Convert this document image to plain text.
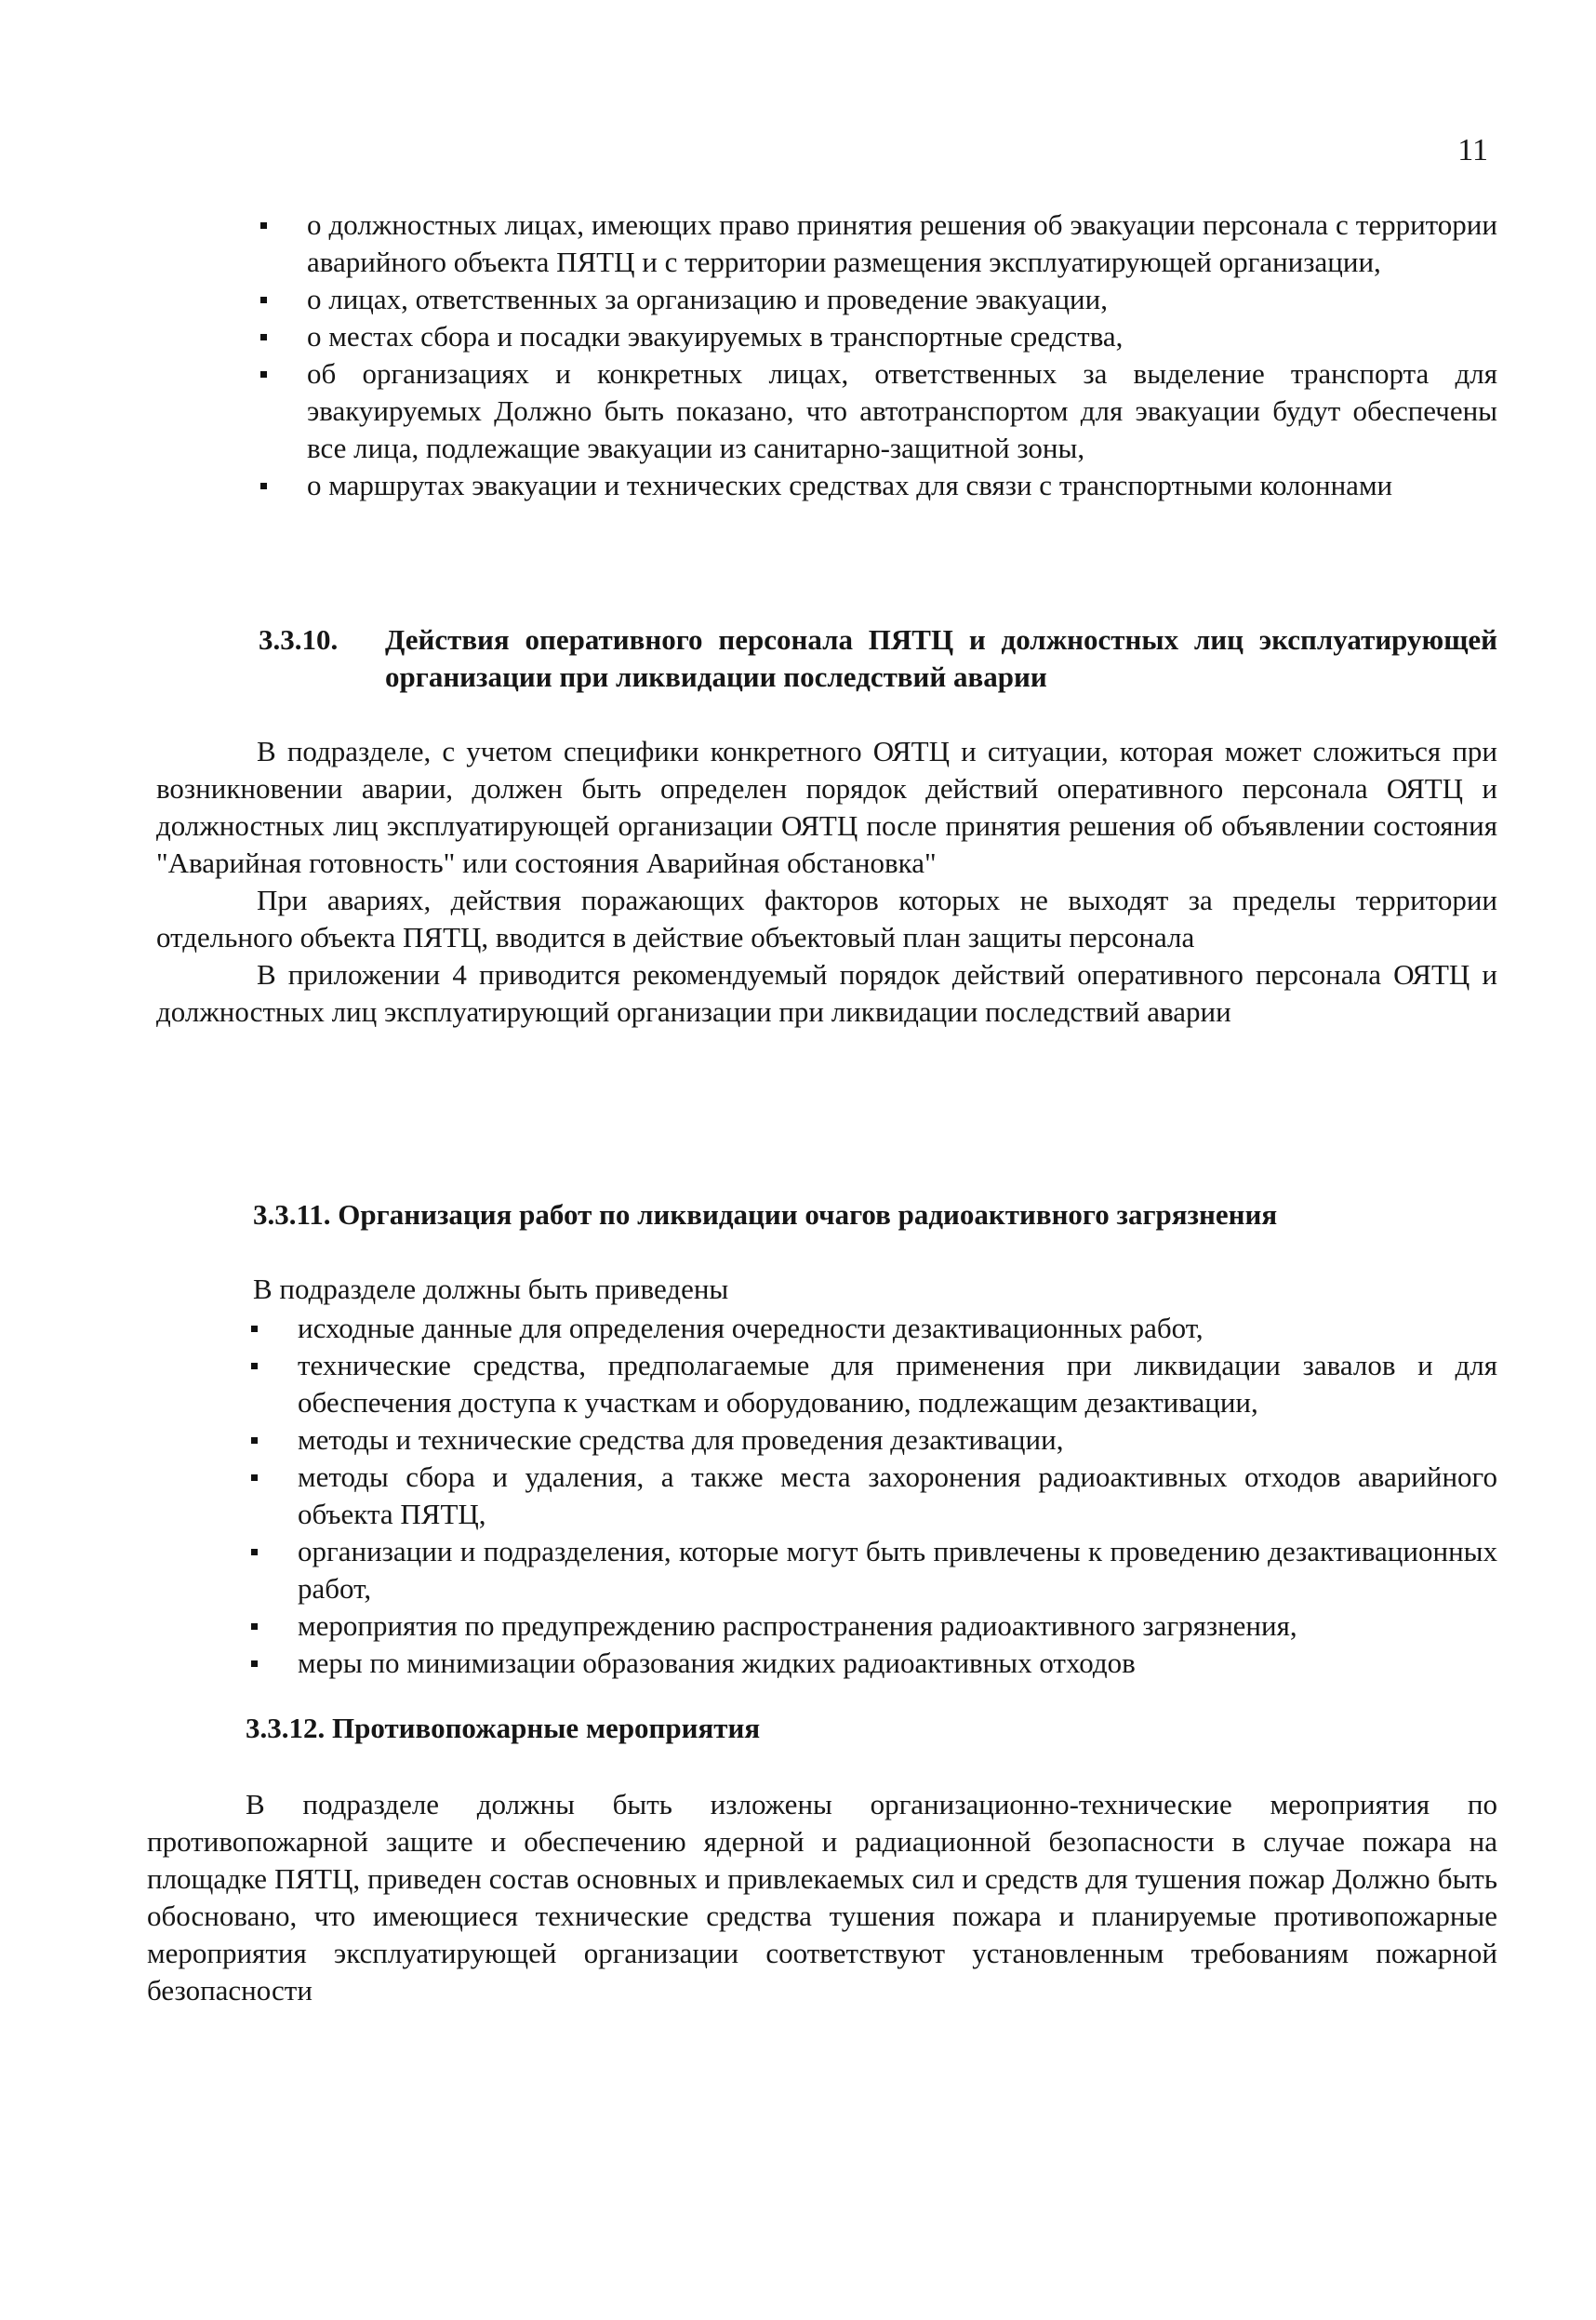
11
о должностных лицах, имеющих право принятия решения об эвакуации персонала с территории аварийного объекта ПЯТЦ и с территории размещения эксплуатирующей организации,
о лицах, ответственных за организацию и проведение эвакуации,
о местах сбора и посадки эвакуируемых в транспортные средства,
об организациях и конкретных лицах, ответственных за выделение транспорта для эвакуируемых Должно быть показано, что автотранспортом для эвакуации будут обеспечены все лица, подлежащие эвакуации из санитарно-защитной зоны,
о маршрутах эвакуации и технических средствах для связи с транспортными колоннами
3.3.10.	Действия оперативного персонала ПЯТЦ и должностных лиц эксплуатирующей организации при ликвидации последствий аварии

В подразделе, с учетом специфики конкретного ОЯТЦ и ситуации, которая может сложиться при возникновении аварии, должен быть определен порядок действий оперативного персонала ОЯТЦ и должностных лиц эксплуатирующей организации ОЯТЦ после принятия решения об объявлении состояния "Аварийная готовность" или состояния Аварийная обстановка"

При авариях, действия поражающих факторов которых не выходят за пределы территории отдельного объекта ПЯТЦ, вводится в действие объектовый план защиты персонала

В приложении 4 приводится рекомендуемый порядок действий оперативного персонала ОЯТЦ и должностных лиц эксплуатирующий организации при ликвидации последствий аварии

3.3.11. Организация работ по ликвидации очагов радиоактивного загрязнения
В подразделе должны быть приведены
исходные данные для определения очередности дезактивационных работ,
технические средства, предполагаемые для применения при ликвидации завалов и для обеспечения доступа к участкам и оборудованию, подлежащим дезактивации,
методы и технические средства для проведения дезактивации,
методы сбора и удаления, а также места захоронения радиоактивных отходов аварийного объекта ПЯТЦ,
организации и подразделения, которые могут быть привлечены к проведению дезактивационных работ,
мероприятия по предупреждению распространения радиоактивного загрязнения,
меры по минимизации образования жидких радиоактивных отходов
3.3.12. Противопожарные мероприятия

В подразделе должны быть изложены организационно-технические мероприятия по противопожарной защите и обеспечению ядерной и радиационной безопасности в случае пожара на площадке ПЯТЦ, приведен состав основных и привлекаемых сил и средств для тушения пожар Должно быть обосновано, что имеющиеся технические средства тушения пожара и планируемые противопожарные мероприятия эксплуатирующей организации соответствуют установленным требованиям пожарной безопасности
